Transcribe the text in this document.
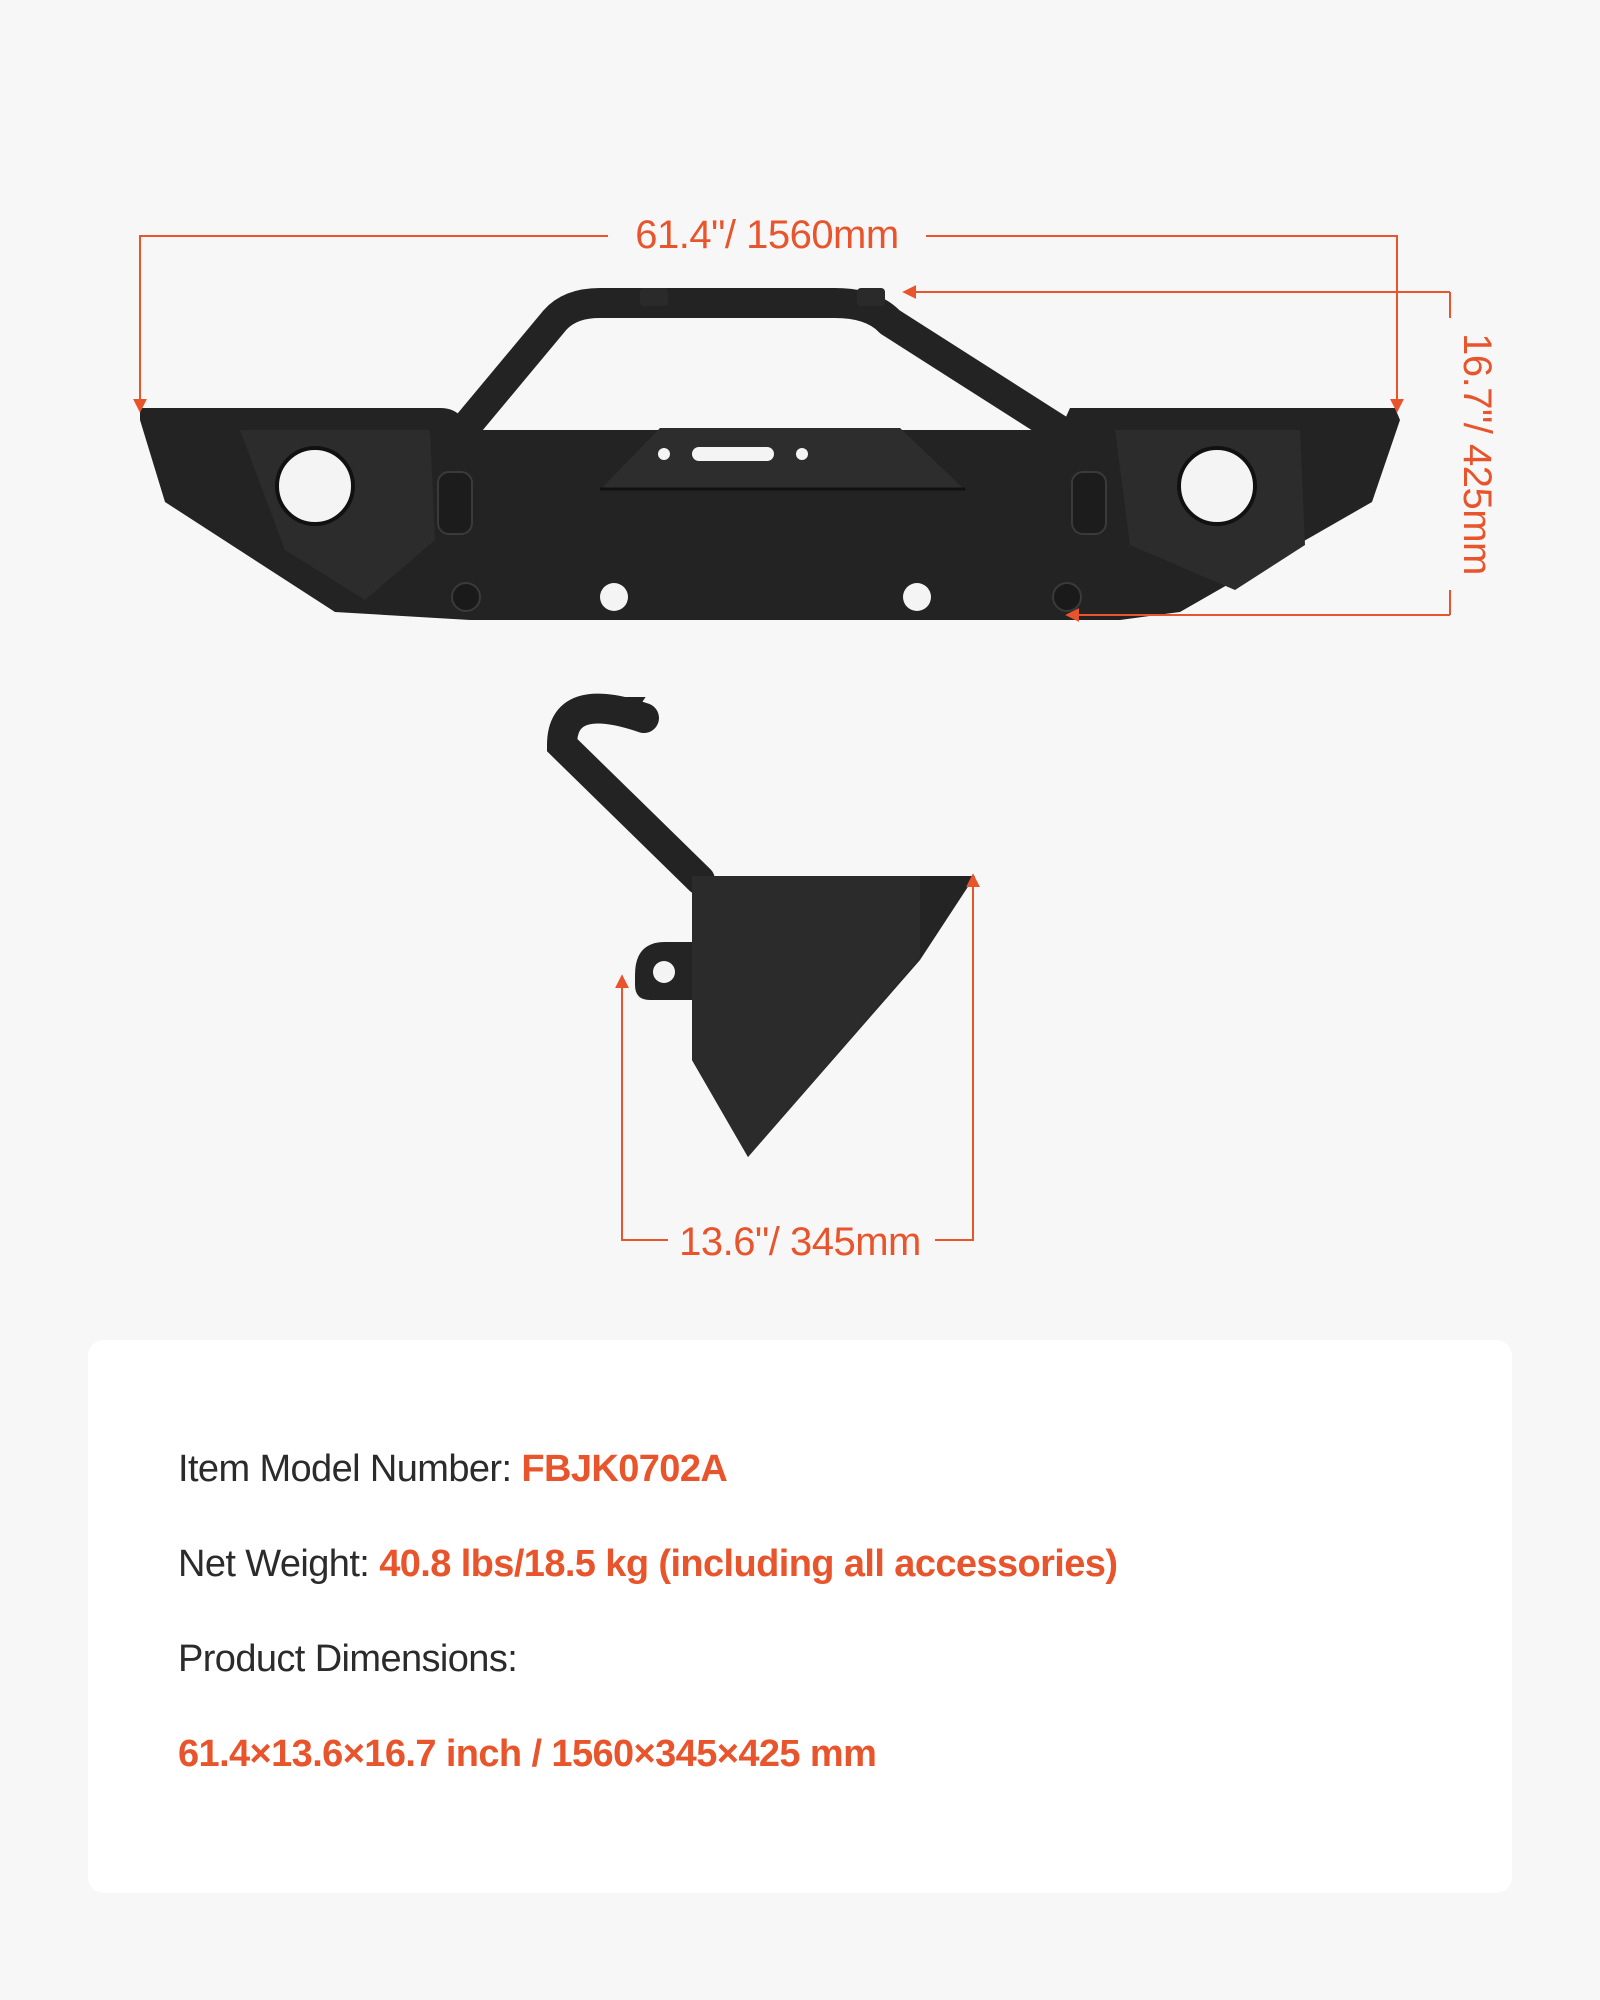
61.4"/ 1560mm
16.7"/ 425mm
13.6"/ 345mm
Item Model Number: FBJK0702A
Net Weight: 40.8 lbs/18.5 kg (including all accessories)
Product Dimensions:
61.4×13.6×16.7 inch / 1560×345×425 mm
